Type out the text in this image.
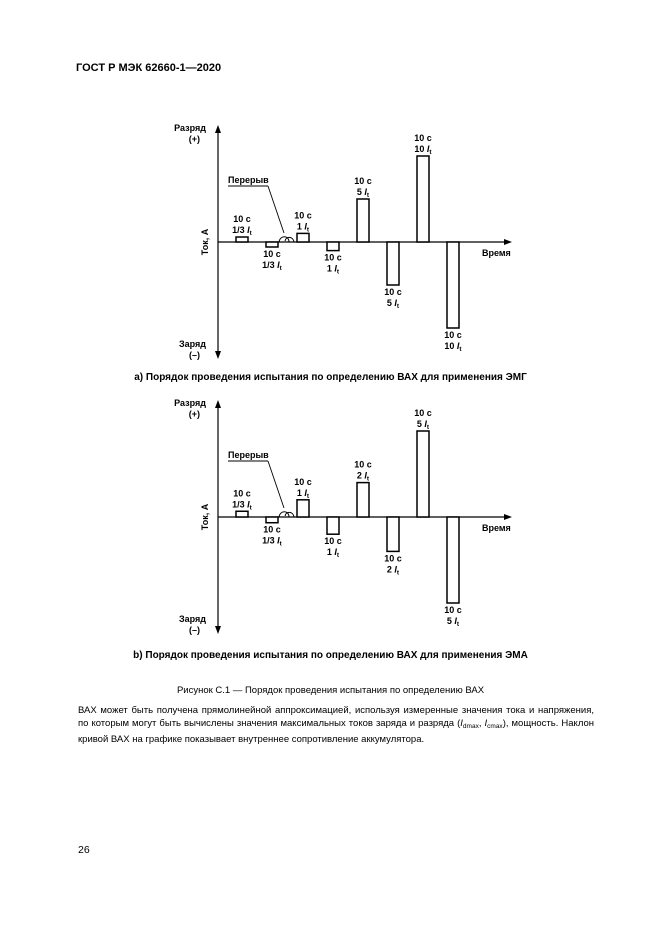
ГОСТ Р МЭК 62660-1—2020
Разряд
(+)
Заряд
(–)
Ток, А	Время
Перерыв
10 с
1/3 $I_t$
10 с
1/3 $I_t$
10 с
1 $I_t$
10 с
1 $I_t$
10 с
5 $I_t$
10 с
5 $I_t$
10 с
10 $I_t$
10 с
10 $I_t$
а) Порядок проведения испытания по определению ВАХ для применения ЭМГ
Разряд
(+)
Заряд
(–)
Ток, А	Время
Перерыв
10 с
1/3 $I_t$
10 с
1/3 $I_t$
10 с
1 $I_t$
10 с
1 $I_t$
10 с
2 $I_t$
10 с
2 $I_t$
10 с
5 $I_t$
10 с
5 $I_t$
b) Порядок проведения испытания по определению ВАХ для применения ЭМА
Рисунок С.1 — Порядок проведения испытания по определению ВАХ
ВАХ может быть получена прямолинейной аппроксимацией, используя измеренные значения тока и напряжения, по которым могут быть вычислены значения максимальных токов заряда и разряда ($I_{dmax}$, $I_{cmax}$), мощность. Наклон кривой ВАХ на графике показывает внутреннее сопротивление аккумулятора.
26
